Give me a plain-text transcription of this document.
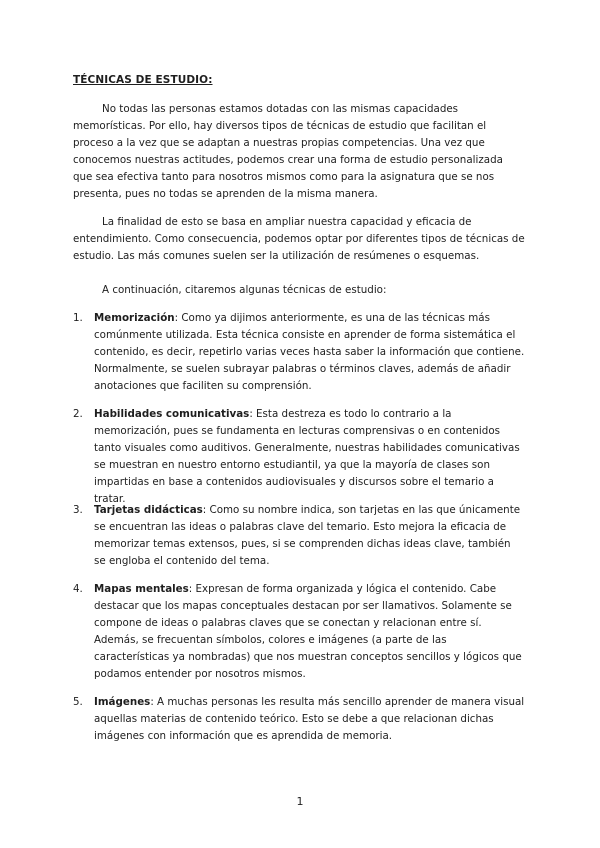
TÉCNICAS DE ESTUDIO:

No todas las personas estamos dotadas con las mismas capacidades memorísticas. Por ello, hay diversos tipos de técnicas de estudio que facilitan el proceso a la vez que se adaptan a nuestras propias competencias. Una vez que conocemos nuestras actitudes, podemos crear una forma de estudio personalizada que sea efectiva tanto para nosotros mismos como para la asignatura que se nos presenta, pues no todas se aprenden de la misma manera.

La finalidad de esto se basa en ampliar nuestra capacidad y eficacia de entendimiento. Como consecuencia, podemos optar por diferentes tipos de técnicas de estudio. Las más comunes suelen ser la utilización de resúmenes o esquemas.

A continuación, citaremos algunas técnicas de estudio:

1.	Memorización: Como ya dijimos anteriormente, es una de las técnicas más comúnmente utilizada. Esta técnica consiste en aprender de forma sistemática el contenido, es decir, repetirlo varias veces hasta saber la información que contiene. Normalmente, se suelen subrayar palabras o términos claves, además de añadir anotaciones que faciliten su comprensión.
2.	Habilidades comunicativas: Esta destreza es todo lo contrario a la memorización, pues se fundamenta en lecturas comprensivas o en contenidos tanto visuales como auditivos. Generalmente, nuestras habilidades comunicativas se muestran en nuestro entorno estudiantil, ya que la mayoría de clases son impartidas en base a contenidos audiovisuales y discursos sobre el temario a tratar.
3.	Tarjetas didácticas: Como su nombre indica, son tarjetas en las que únicamente se encuentran las ideas o palabras clave del temario. Esto mejora la eficacia de memorizar temas extensos, pues, si se comprenden dichas ideas clave, también se engloba el contenido del tema.
4.	Mapas mentales: Expresan de forma organizada y lógica el contenido. Cabe destacar que los mapas conceptuales destacan por ser llamativos. Solamente se compone de ideas o palabras claves que se conectan y relacionan entre sí. Además, se frecuentan símbolos, colores e imágenes (a parte de las características ya nombradas) que nos muestran conceptos sencillos y lógicos que podamos entender por nosotros mismos.
5.	Imágenes: A muchas personas les resulta más sencillo aprender de manera visual aquellas materias de contenido teórico. Esto se debe a que relacionan dichas imágenes con información que es aprendida de memoria.
1
